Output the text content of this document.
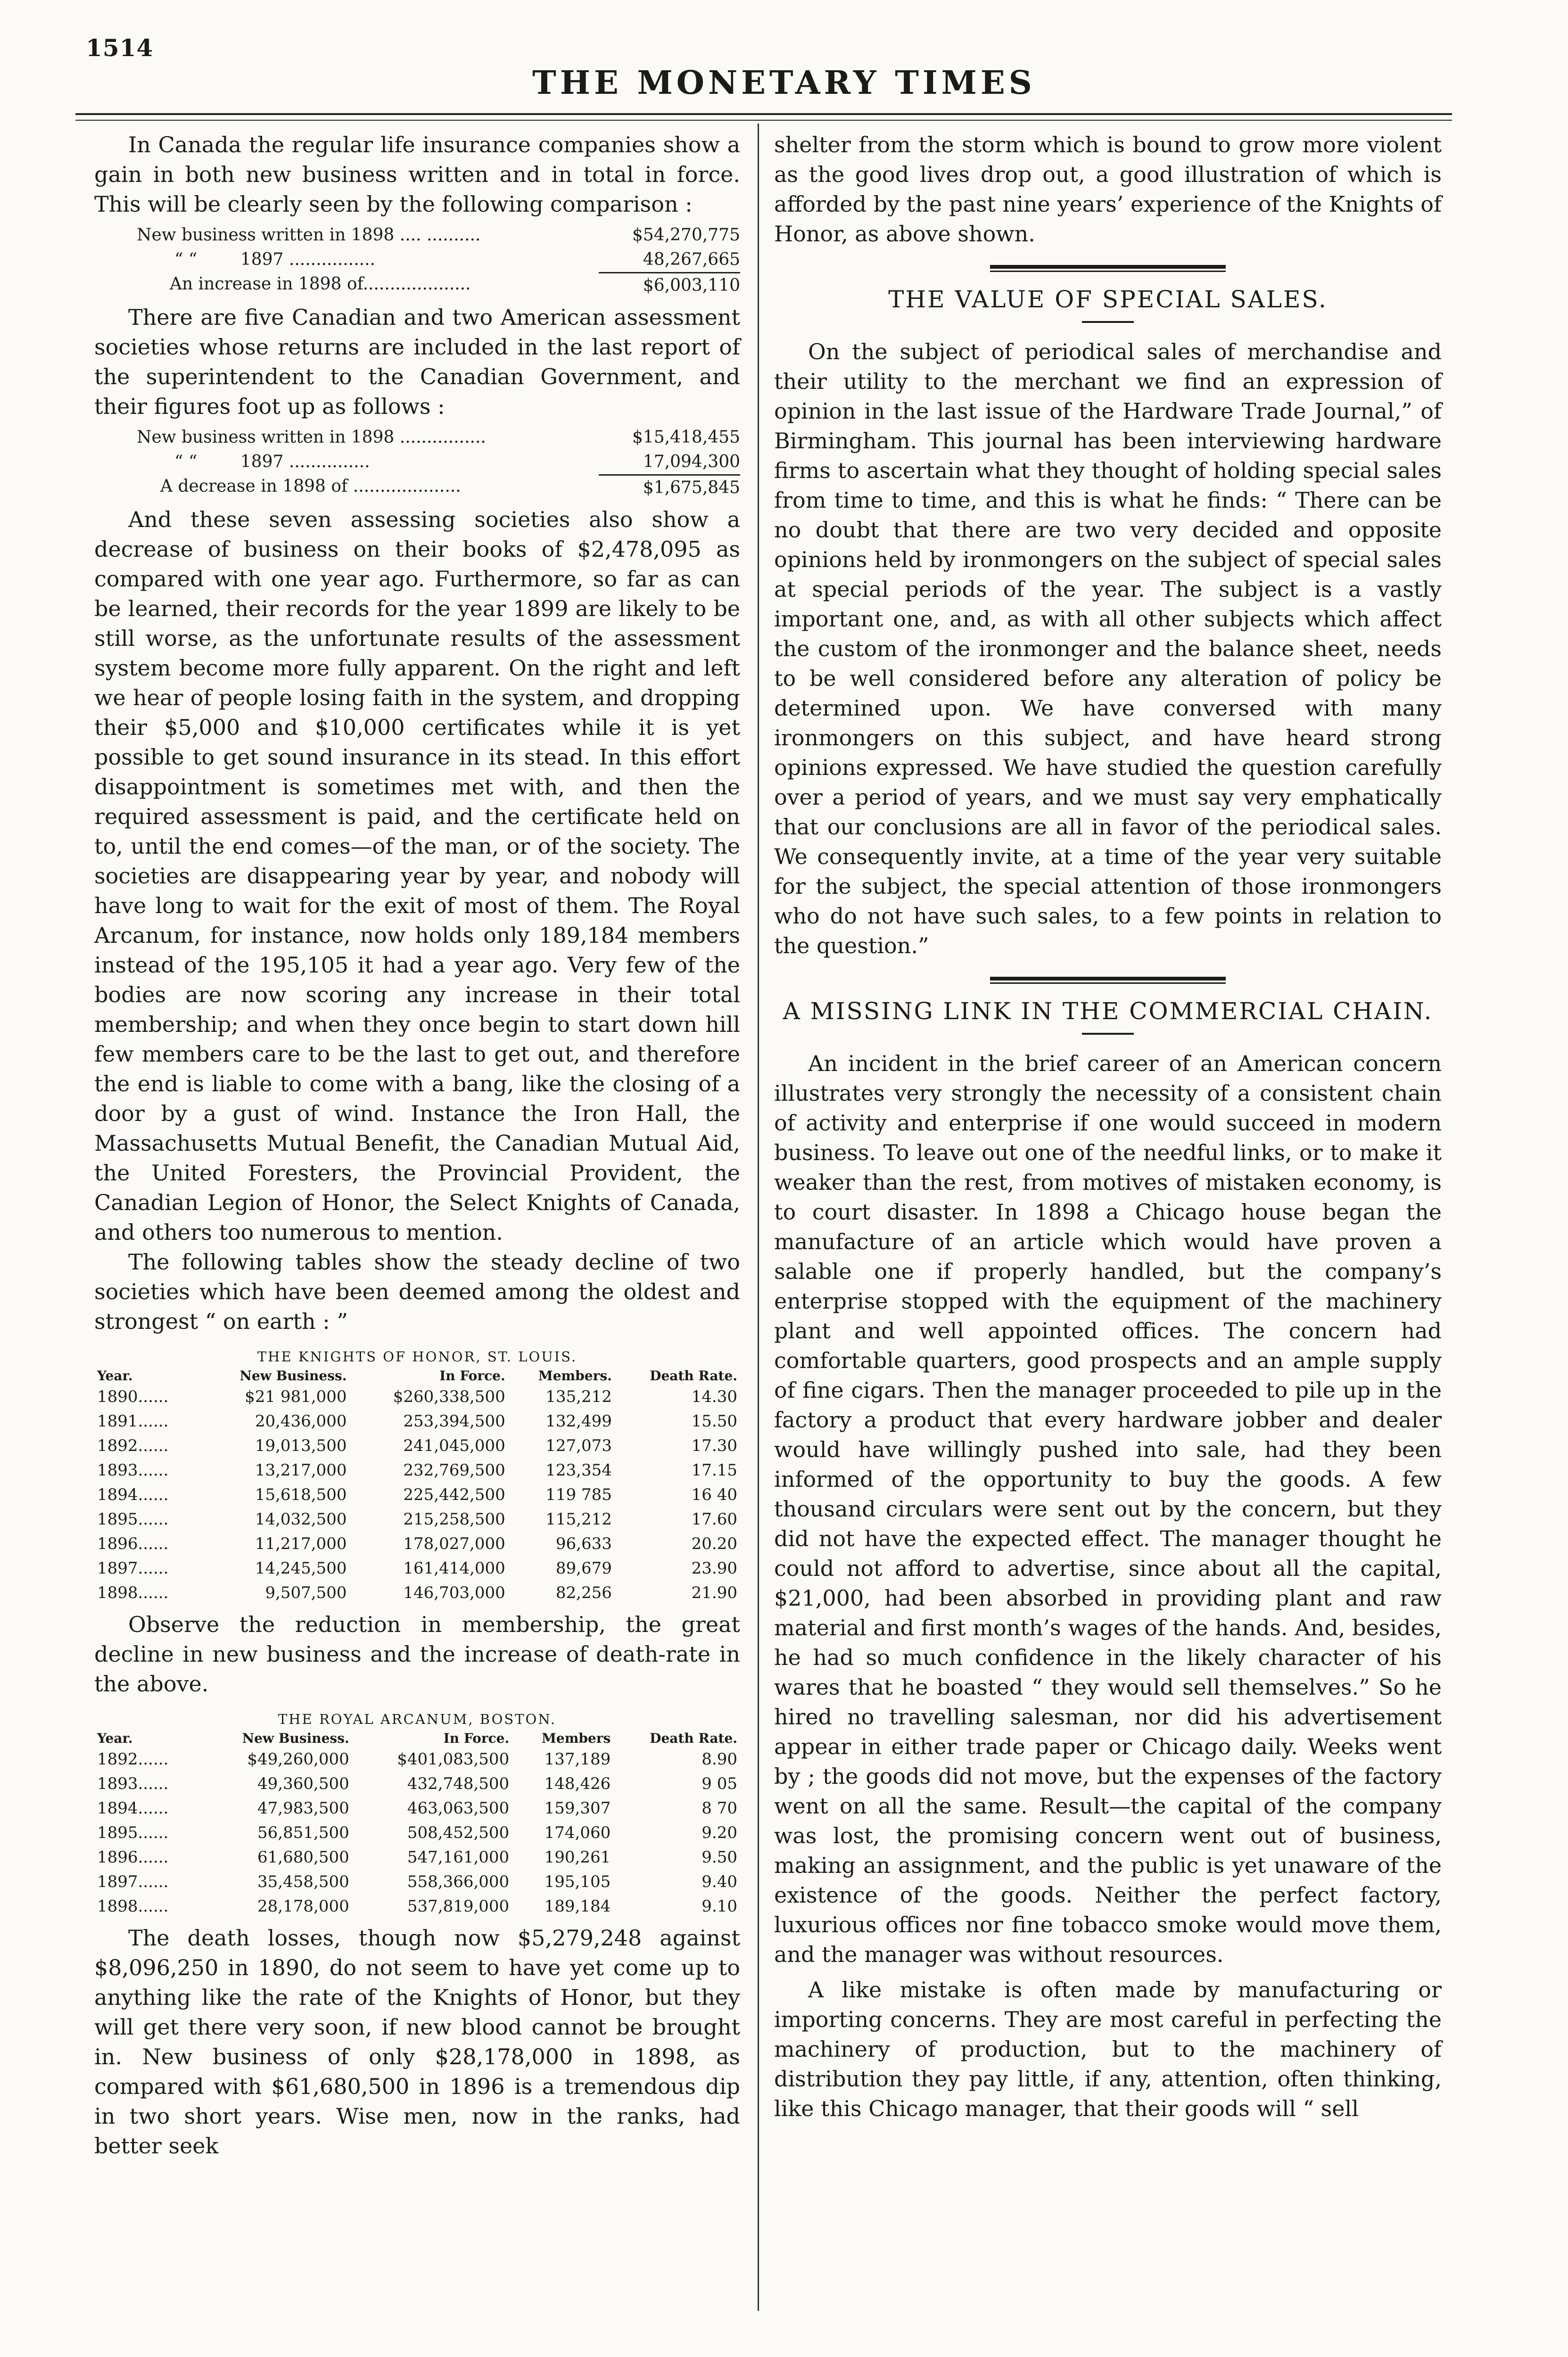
1514
THE MONETARY TIMES

In Canada the regular life insurance companies show a gain in both new business written and in total in force. This will be clearly seen by the following comparison :

New business written in 1898 .... ..........	$54,270,775
“ “	1897 ................	48,267,665
An increase in 1898 of....................	$6,003,110

There are five Canadian and two American assessment societies whose returns are included in the last report of the superintendent to the Canadian Government, and their figures foot up as follows :

New business written in 1898 ................	$15,418,455
“ “	1897 ...............	17,094,300
A decrease in 1898 of ....................	$1,675,845

And these seven assessing societies also show a decrease of business on their books of $2,478,095 as compared with one year ago. Furthermore, so far as can be learned, their records for the year 1899 are likely to be still worse, as the unfortunate results of the assessment system become more fully apparent. On the right and left we hear of people losing faith in the system, and dropping their $5,000 and $10,000 certificates while it is yet possible to get sound insurance in its stead. In this effort disappointment is sometimes met with, and then the required assessment is paid, and the certificate held on to, until the end comes—of the man, or of the society. The societies are disappearing year by year, and nobody will have long to wait for the exit of most of them. The Royal Arcanum, for instance, now holds only 189,184 members instead of the 195,105 it had a year ago. Very few of the bodies are now scoring any increase in their total membership; and when they once begin to start down hill few members care to be the last to get out, and therefore the end is liable to come with a bang, like the closing of a door by a gust of wind. Instance the Iron Hall, the Massachusetts Mutual Benefit, the Canadian Mutual Aid, the United Foresters, the Provincial Provident, the Canadian Legion of Honor, the Select Knights of Canada, and others too numerous to mention.

The following tables show the steady decline of two societies which have been deemed among the oldest and strongest “ on earth : ”

THE KNIGHTS OF HONOR, ST. LOUIS.
Year.	New Business.	In Force.	Members.	Death Rate.
1890......	$21 981,000	$260,338,500	135,212	14.30
1891......	20,436,000	253,394,500	132,499	15.50
1892......	19,013,500	241,045,000	127,073	17.30
1893......	13,217,000	232,769,500	123,354	17.15
1894......	15,618,500	225,442,500	119 785	16 40
1895......	14,032,500	215,258,500	115,212	17.60
1896......	11,217,000	178,027,000	96,633	20.20
1897......	14,245,500	161,414,000	89,679	23.90
1898......	9,507,500	146,703,000	82,256	21.90

Observe the reduction in membership, the great decline in new business and the increase of death-rate in the above.

THE ROYAL ARCANUM, BOSTON.
Year.	New Business.	In Force.	Members	Death Rate.
1892......	$49,260,000	$401,083,500	137,189	8.90
1893......	49,360,500	432,748,500	148,426	9 05
1894......	47,983,500	463,063,500	159,307	8 70
1895......	56,851,500	508,452,500	174,060	9.20
1896......	61,680,500	547,161,000	190,261	9.50
1897......	35,458,500	558,366,000	195,105	9.40
1898......	28,178,000	537,819,000	189,184	9.10

The death losses, though now $5,279,248 against $8,096,250 in 1890, do not seem to have yet come up to anything like the rate of the Knights of Honor, but they will get there very soon, if new blood cannot be brought in. New business of only $28,178,000 in 1898, as compared with $61,680,500 in 1896 is a tremendous dip in two short years. Wise men, now in the ranks, had better seek

shelter from the storm which is bound to grow more violent as the good lives drop out, a good illustration of which is afforded by the past nine years’ experience of the Knights of Honor, as above shown.

THE VALUE OF SPECIAL SALES.

On the subject of periodical sales of merchandise and their utility to the merchant we find an expression of opinion in the last issue of the Hardware Trade Journal,” of Birmingham. This journal has been interviewing hardware firms to ascertain what they thought of holding special sales from time to time, and this is what he finds: “ There can be no doubt that there are two very decided and opposite opinions held by ironmongers on the subject of special sales at special periods of the year. The subject is a vastly important one, and, as with all other subjects which affect the custom of the ironmonger and the balance sheet, needs to be well considered before any alteration of policy be determined upon. We have conversed with many ironmongers on this subject, and have heard strong opinions expressed. We have studied the question carefully over a period of years, and we must say very emphatically that our conclusions are all in favor of the periodical sales. We consequently invite, at a time of the year very suitable for the subject, the special attention of those ironmongers who do not have such sales, to a few points in relation to the question.”

A MISSING LINK IN THE COMMERCIAL CHAIN.

An incident in the brief career of an American concern illustrates very strongly the necessity of a consistent chain of activity and enterprise if one would succeed in modern business. To leave out one of the needful links, or to make it weaker than the rest, from motives of mistaken economy, is to court disaster. In 1898 a Chicago house began the manufacture of an article which would have proven a salable one if properly handled, but the company’s enterprise stopped with the equipment of the machinery plant and well appointed offices. The concern had comfortable quarters, good prospects and an ample supply of fine cigars. Then the manager proceeded to pile up in the factory a product that every hardware jobber and dealer would have willingly pushed into sale, had they been informed of the opportunity to buy the goods. A few thousand circulars were sent out by the concern, but they did not have the expected effect. The manager thought he could not afford to advertise, since about all the capital, $21,000, had been absorbed in providing plant and raw material and first month’s wages of the hands. And, besides, he had so much confidence in the likely character of his wares that he boasted “ they would sell themselves.” So he hired no travelling salesman, nor did his advertisement appear in either trade paper or Chicago daily. Weeks went by ; the goods did not move, but the expenses of the factory went on all the same. Result—the capital of the company was lost, the promising concern went out of business, making an assignment, and the public is yet unaware of the existence of the goods. Neither the perfect factory, luxurious offices nor fine tobacco smoke would move them, and the manager was without resources.

A like mistake is often made by manufacturing or importing concerns. They are most careful in perfecting the machinery of production, but to the machinery of distribution they pay little, if any, attention, often thinking, like this Chicago manager, that their goods will “ sell
